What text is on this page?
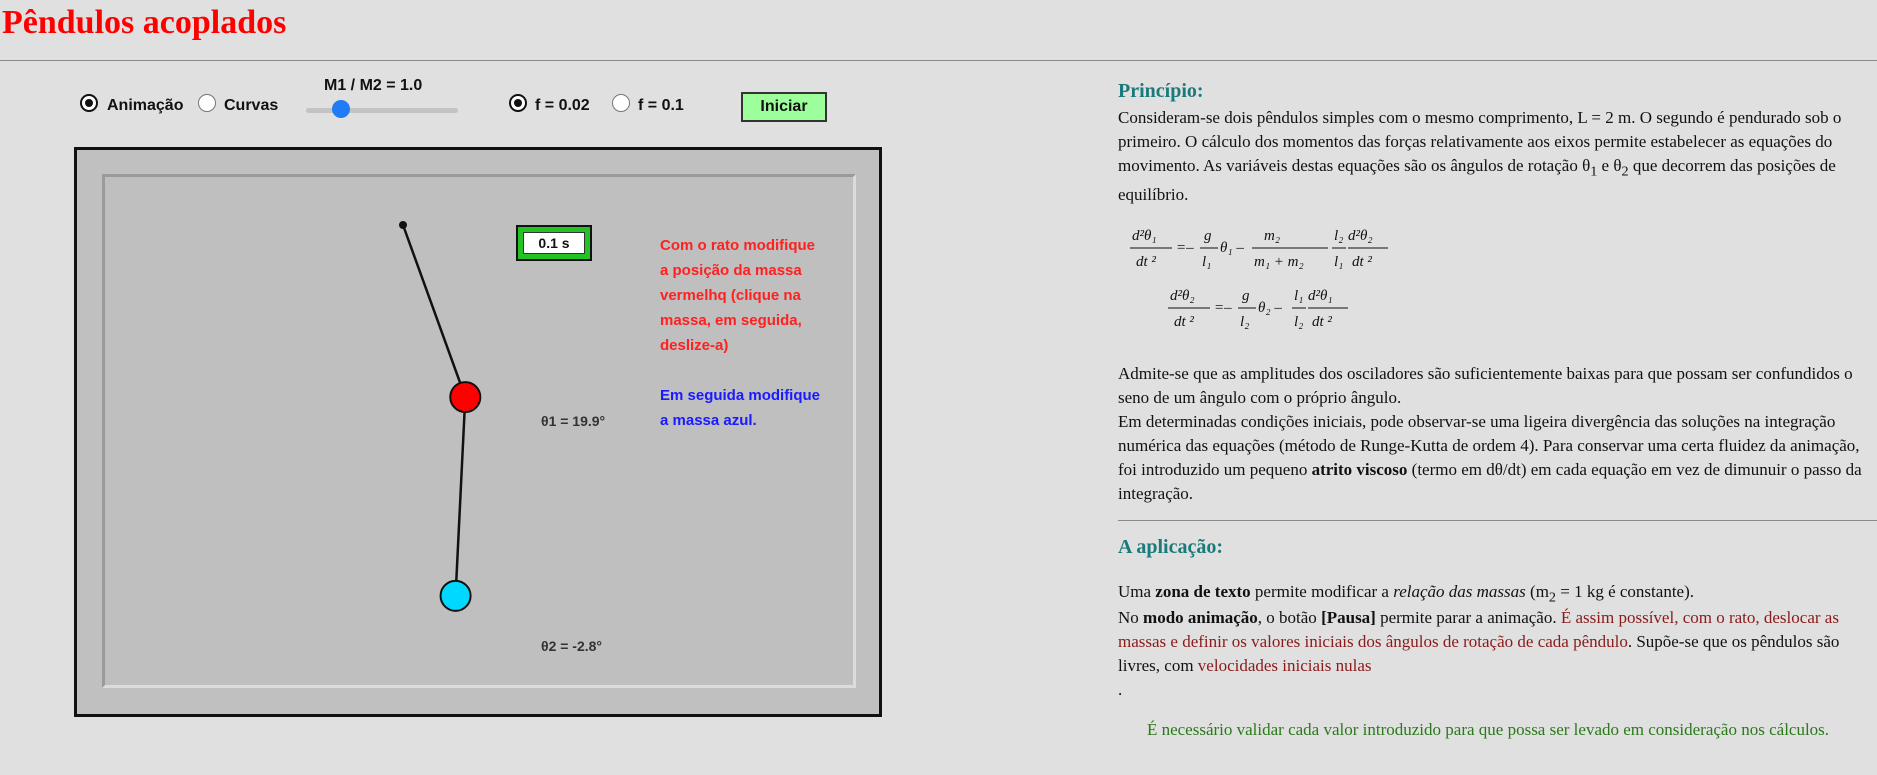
Pêndulos acoplados
Animação	Curvas
M1 / M2 = 1.0
f = 0.02	f = 0.1	Iniciar
0.1 s	Com o rato modifique
a posição da massa
vermelhq (clique na
massa, em seguida,
deslize-a)
Em seguida modifique
a massa azul.
θ1 = 19.9°
θ2 = -2.8°
Princípio:
Consideram-se dois pêndulos simples com o mesmo comprimento, L = 2 m. O segundo é pendurado sob o primeiro. O cálculo dos momentos das forças relativamente aos eixos permite estabelecer as equações do movimento. As variáveis destas equações são os ângulos de rotação $\theta_1$ e $\theta_2$ que decorrem das posições de equilíbrio.
d²θ₁
dt ²
=–
g
l₁
θ₁ –
m₂
m₁ + m₂
l₂
l₁
d²θ₂
dt ²
d²θ₂
dt ²
=–
g
l₂
θ₂ –
l₁
l₂
d²θ₁
dt ²
Admite-se que as amplitudes dos osciladores são suficientemente baixas para que possam ser confundidos o seno de um ângulo com o próprio ângulo.
Em determinadas condições iniciais, pode observar-se uma ligeira divergência das soluções na integração numérica das equações (método de Runge-Kutta de ordem 4). Para conservar uma certa fluidez da animação, foi introduzido um pequeno atrito viscoso (termo em dθ/dt) em cada equação em vez de dimunuir o passo da integração.
A aplicação:
Uma zona de texto permite modificar a relação das massas ($m_2 = 1$ kg é constante).
No modo animação, o botão [Pausa] permite parar a animação. É assim possível, com o rato, deslocar as massas e definir os valores iniciais dos ângulos de rotação de cada pêndulo. Supõe-se que os pêndulos são livres, com velocidades iniciais nulas
.
É necessário validar cada valor introduzido para que possa ser levado em consideração nos cálculos.
